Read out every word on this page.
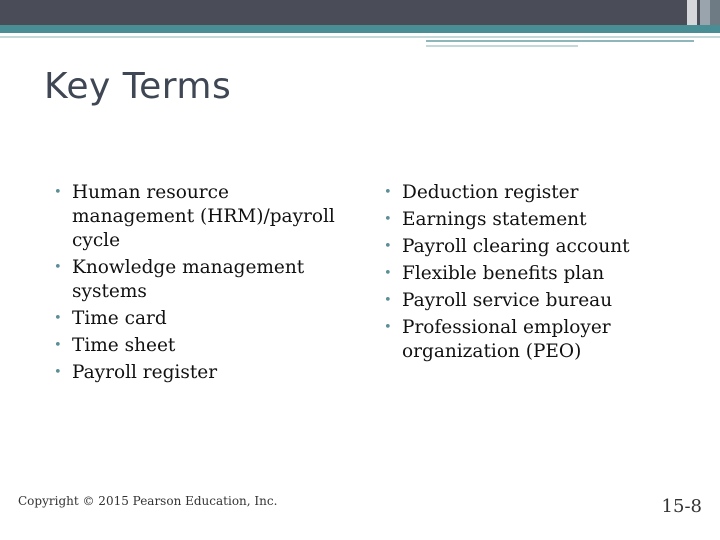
Key Terms
• Human resource management (HRM)/payroll cycle
• Knowledge management systems
• Time card
• Time sheet
• Payroll register
• Deduction register
• Earnings statement
• Payroll clearing account
• Flexible benefits plan
• Payroll service bureau
• Professional employer organization (PEO)
Copyright © 2015 Pearson Education, Inc.	15-8
